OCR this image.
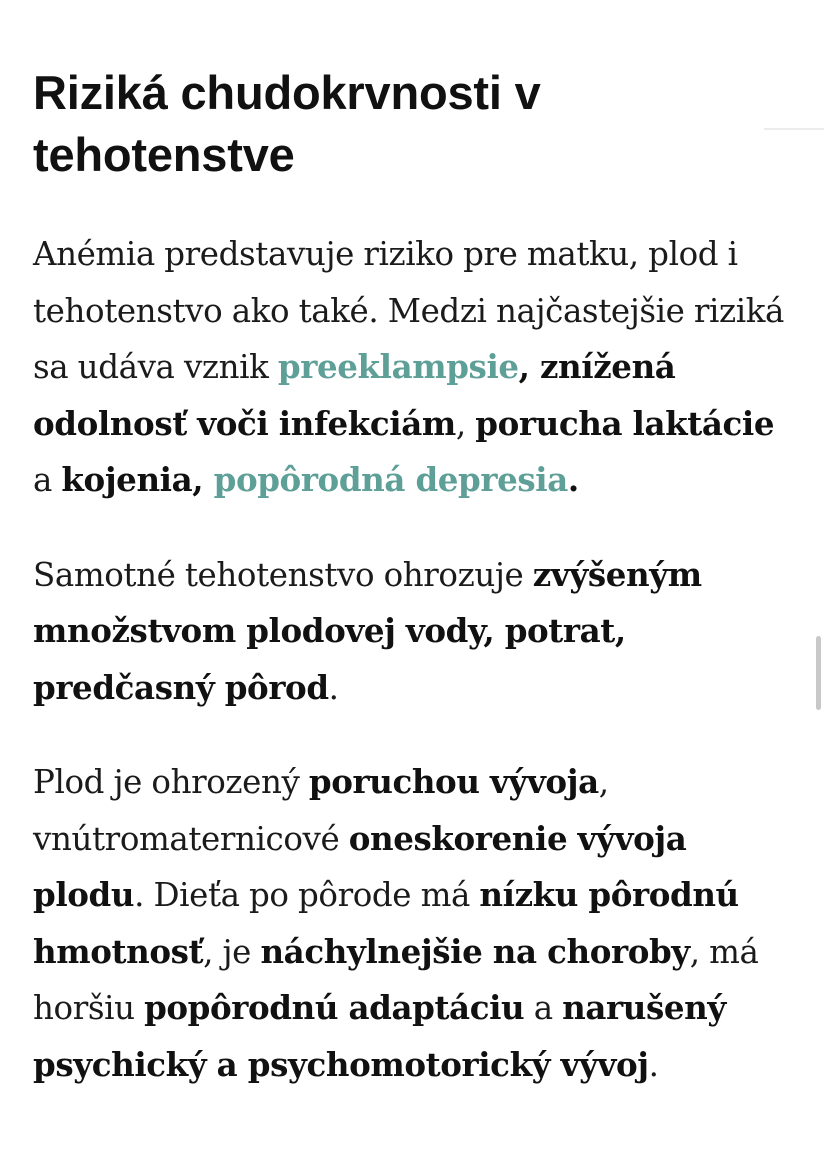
Riziká chudokrvnosti v tehotenstve

Anémia predstavuje riziko pre matku, plod i tehotenstvo ako také. Medzi najčastejšie riziká sa udáva vznik preeklampsie, znížená odolnosť voči infekciám, porucha laktácie a kojenia, popôrodná depresia.

Samotné tehotenstvo ohrozuje zvýšeným množstvom plodovej vody, potrat, predčasný pôrod.

Plod je ohrozený poruchou vývoja, vnútromaternicové oneskorenie vývoja plodu. Dieťa po pôrode má nízku pôrodnú hmotnosť, je náchylnejšie na choroby, má horšiu popôrodnú adaptáciu a narušený psychický a psychomotorický vývoj.
